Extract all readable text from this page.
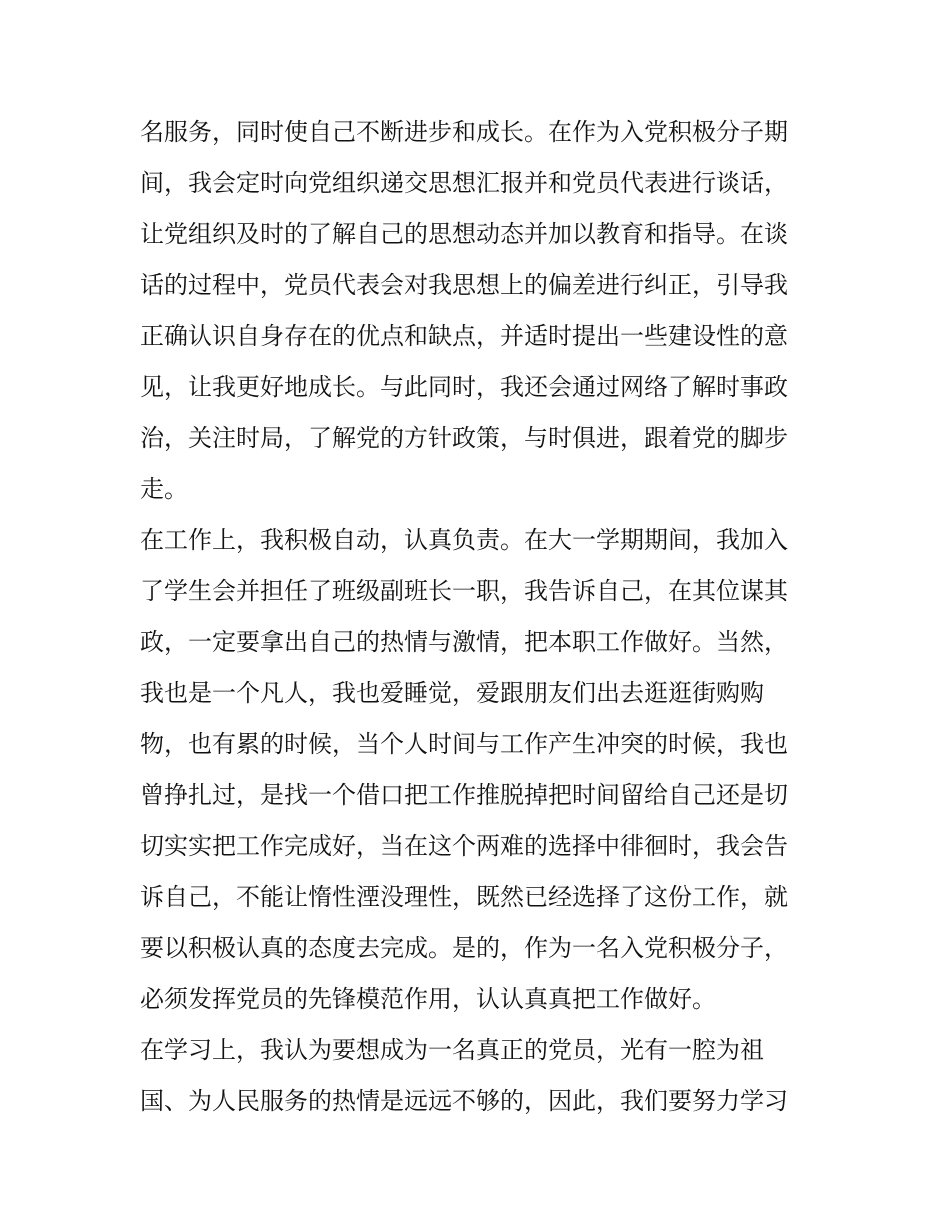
名服务，同时使自己不断进步和成长。在作为入党积极分子期
间，我会定时向党组织递交思想汇报并和党员代表进行谈话，
让党组织及时的了解自己的思想动态并加以教育和指导。在谈
话的过程中，党员代表会对我思想上的偏差进行纠正，引导我
正确认识自身存在的优点和缺点，并适时提出一些建设性的意
见，让我更好地成长。与此同时，我还会通过网络了解时事政
治，关注时局，了解党的方针政策，与时俱进，跟着党的脚步
走。
在工作上，我积极自动，认真负责。在大一学期期间，我加入
了学生会并担任了班级副班长一职，我告诉自己，在其位谋其
政，一定要拿出自己的热情与激情，把本职工作做好。当然，
我也是一个凡人，我也爱睡觉，爱跟朋友们出去逛逛街购购
物，也有累的时候，当个人时间与工作产生冲突的时候，我也
曾挣扎过，是找一个借口把工作推脱掉把时间留给自己还是切
切实实把工作完成好，当在这个两难的选择中徘徊时，我会告
诉自己，不能让惰性湮没理性，既然已经选择了这份工作，就
要以积极认真的态度去完成。是的，作为一名入党积极分子，
必须发挥党员的先锋模范作用，认认真真把工作做好。
在学习上，我认为要想成为一名真正的党员，光有一腔为祖
国、为人民服务的热情是远远不够的，因此，我们要努力学习
